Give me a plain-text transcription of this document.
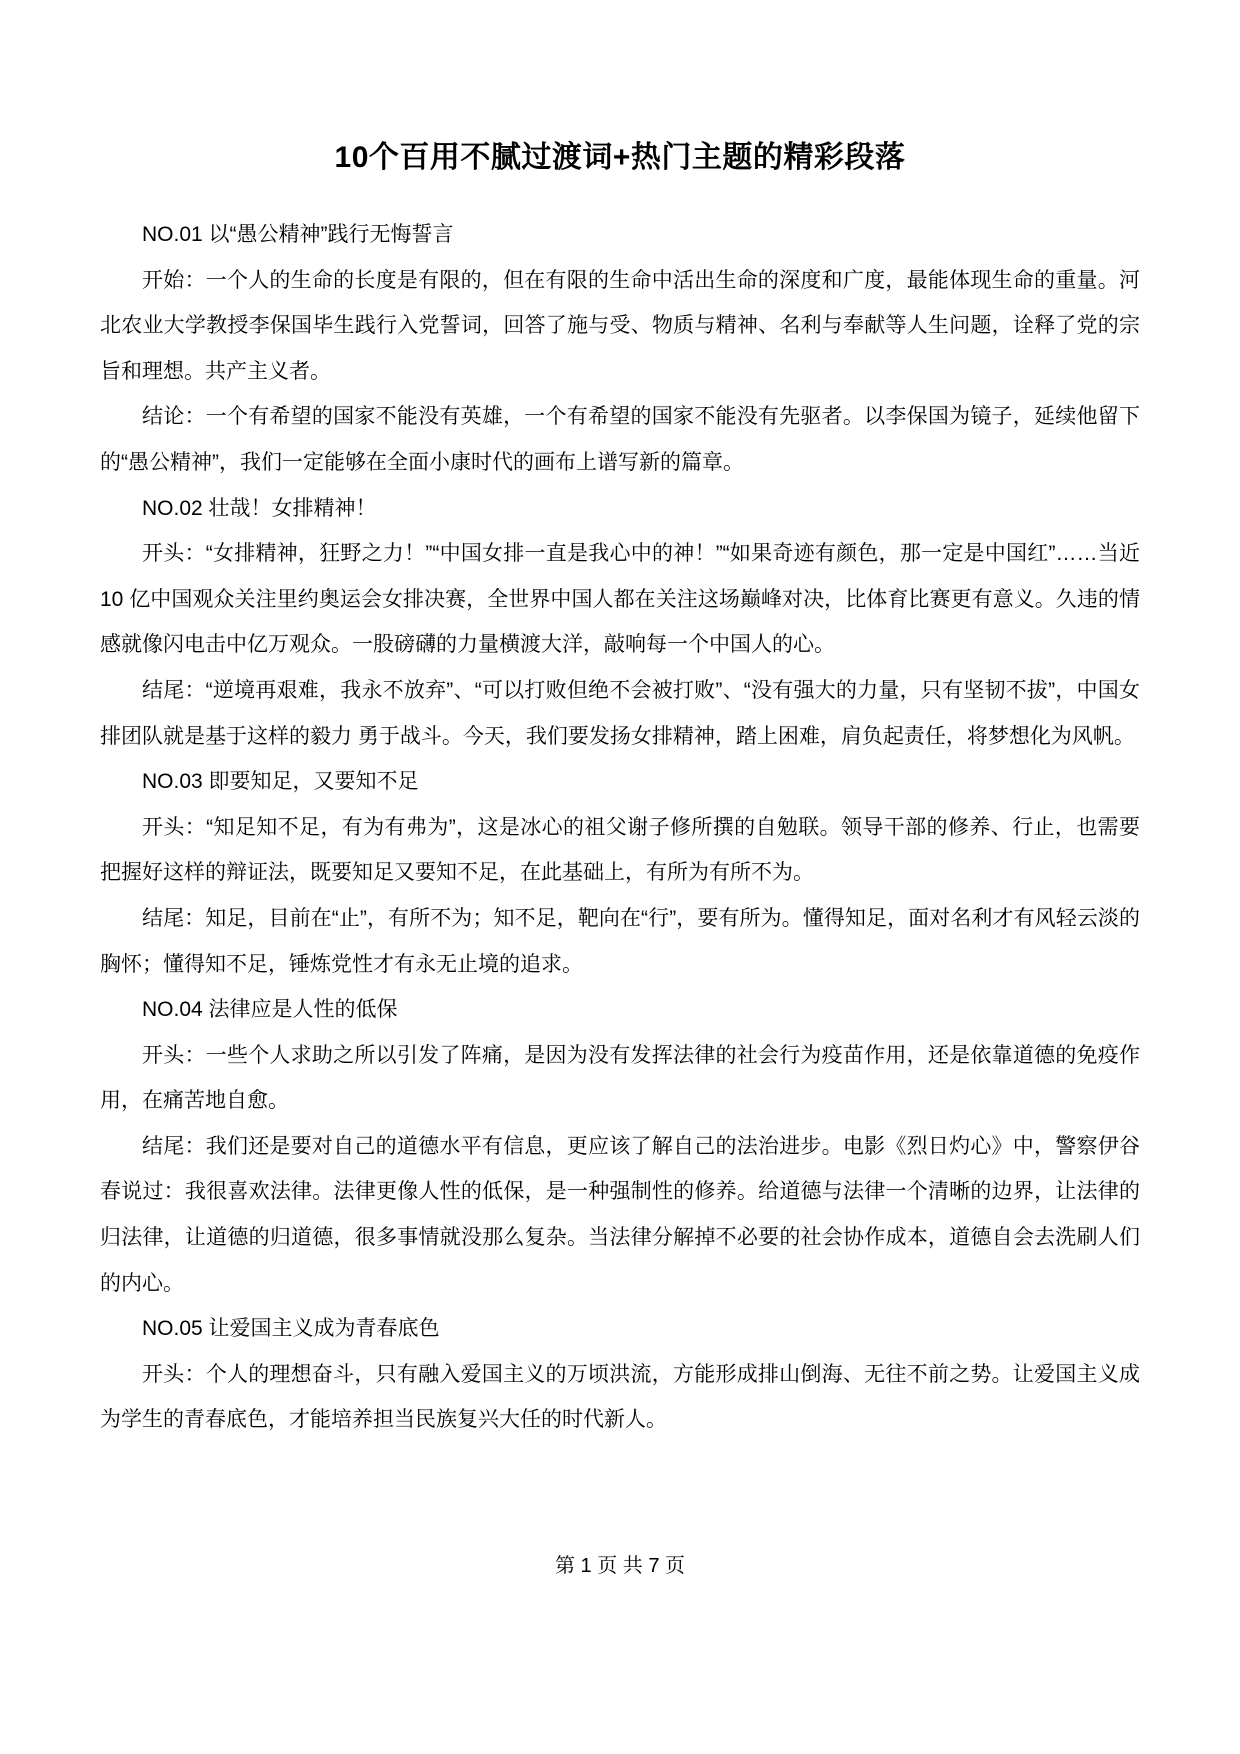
10个百用不腻过渡词+热门主题的精彩段落

NO.01 以“愚公精神”践行无悔誓言

开始：一个人的生命的长度是有限的，但在有限的生命中活出生命的深度和广度，最能体现生命的重量。河北农业大学教授李保国毕生践行入党誓词，回答了施与受、物质与精神、名利与奉献等人生问题，诠释了党的宗旨和理想。共产主义者。

结论：一个有希望的国家不能没有英雄，一个有希望的国家不能没有先驱者。以李保国为镜子，延续他留下的“愚公精神”，我们一定能够在全面小康时代的画布上谱写新的篇章。

NO.02 壮哉！女排精神！

开头：“女排精神，狂野之力！”“中国女排一直是我心中的神！”“如果奇迹有颜色，那一定是中国红”……当近 10 亿中国观众关注里约奥运会女排决赛，全世界中国人都在关注这场巅峰对决，比体育比赛更有意义。久违的情感就像闪电击中亿万观众。一股磅礴的力量横渡大洋，敲响每一个中国人的心。

结尾：“逆境再艰难，我永不放弃”、“可以打败但绝不会被打败”、“没有强大的力量，只有坚韧不拔”，中国女排团队就是基于这样的毅力 勇于战斗。今天，我们要发扬女排精神，踏上困难，肩负起责任，将梦想化为风帆。

NO.03 即要知足，又要知不足

开头：“知足知不足，有为有弗为”，这是冰心的祖父谢子修所撰的自勉联。领导干部的修养、行止，也需要把握好这样的辩证法，既要知足又要知不足，在此基础上，有所为有所不为。

结尾：知足，目前在“止”，有所不为；知不足，靶向在“行”，要有所为。懂得知足，面对名利才有风轻云淡的胸怀；懂得知不足，锤炼党性才有永无止境的追求。

NO.04 法律应是人性的低保

开头：一些个人求助之所以引发了阵痛，是因为没有发挥法律的社会行为疫苗作用，还是依靠道德的免疫作用，在痛苦地自愈。

结尾：我们还是要对自己的道德水平有信息，更应该了解自己的法治进步。电影《烈日灼心》中，警察伊谷春说过：我很喜欢法律。法律更像人性的低保，是一种强制性的修养。给道德与法律一个清晰的边界，让法律的归法律，让道德的归道德，很多事情就没那么复杂。当法律分解掉不必要的社会协作成本，道德自会去洗刷人们的内心。

NO.05 让爱国主义成为青春底色

开头：个人的理想奋斗，只有融入爱国主义的万顷洪流，方能形成排山倒海、无往不前之势。让爱国主义成为学生的青春底色，才能培养担当民族复兴大任的时代新人。

第 1 页 共 7 页
